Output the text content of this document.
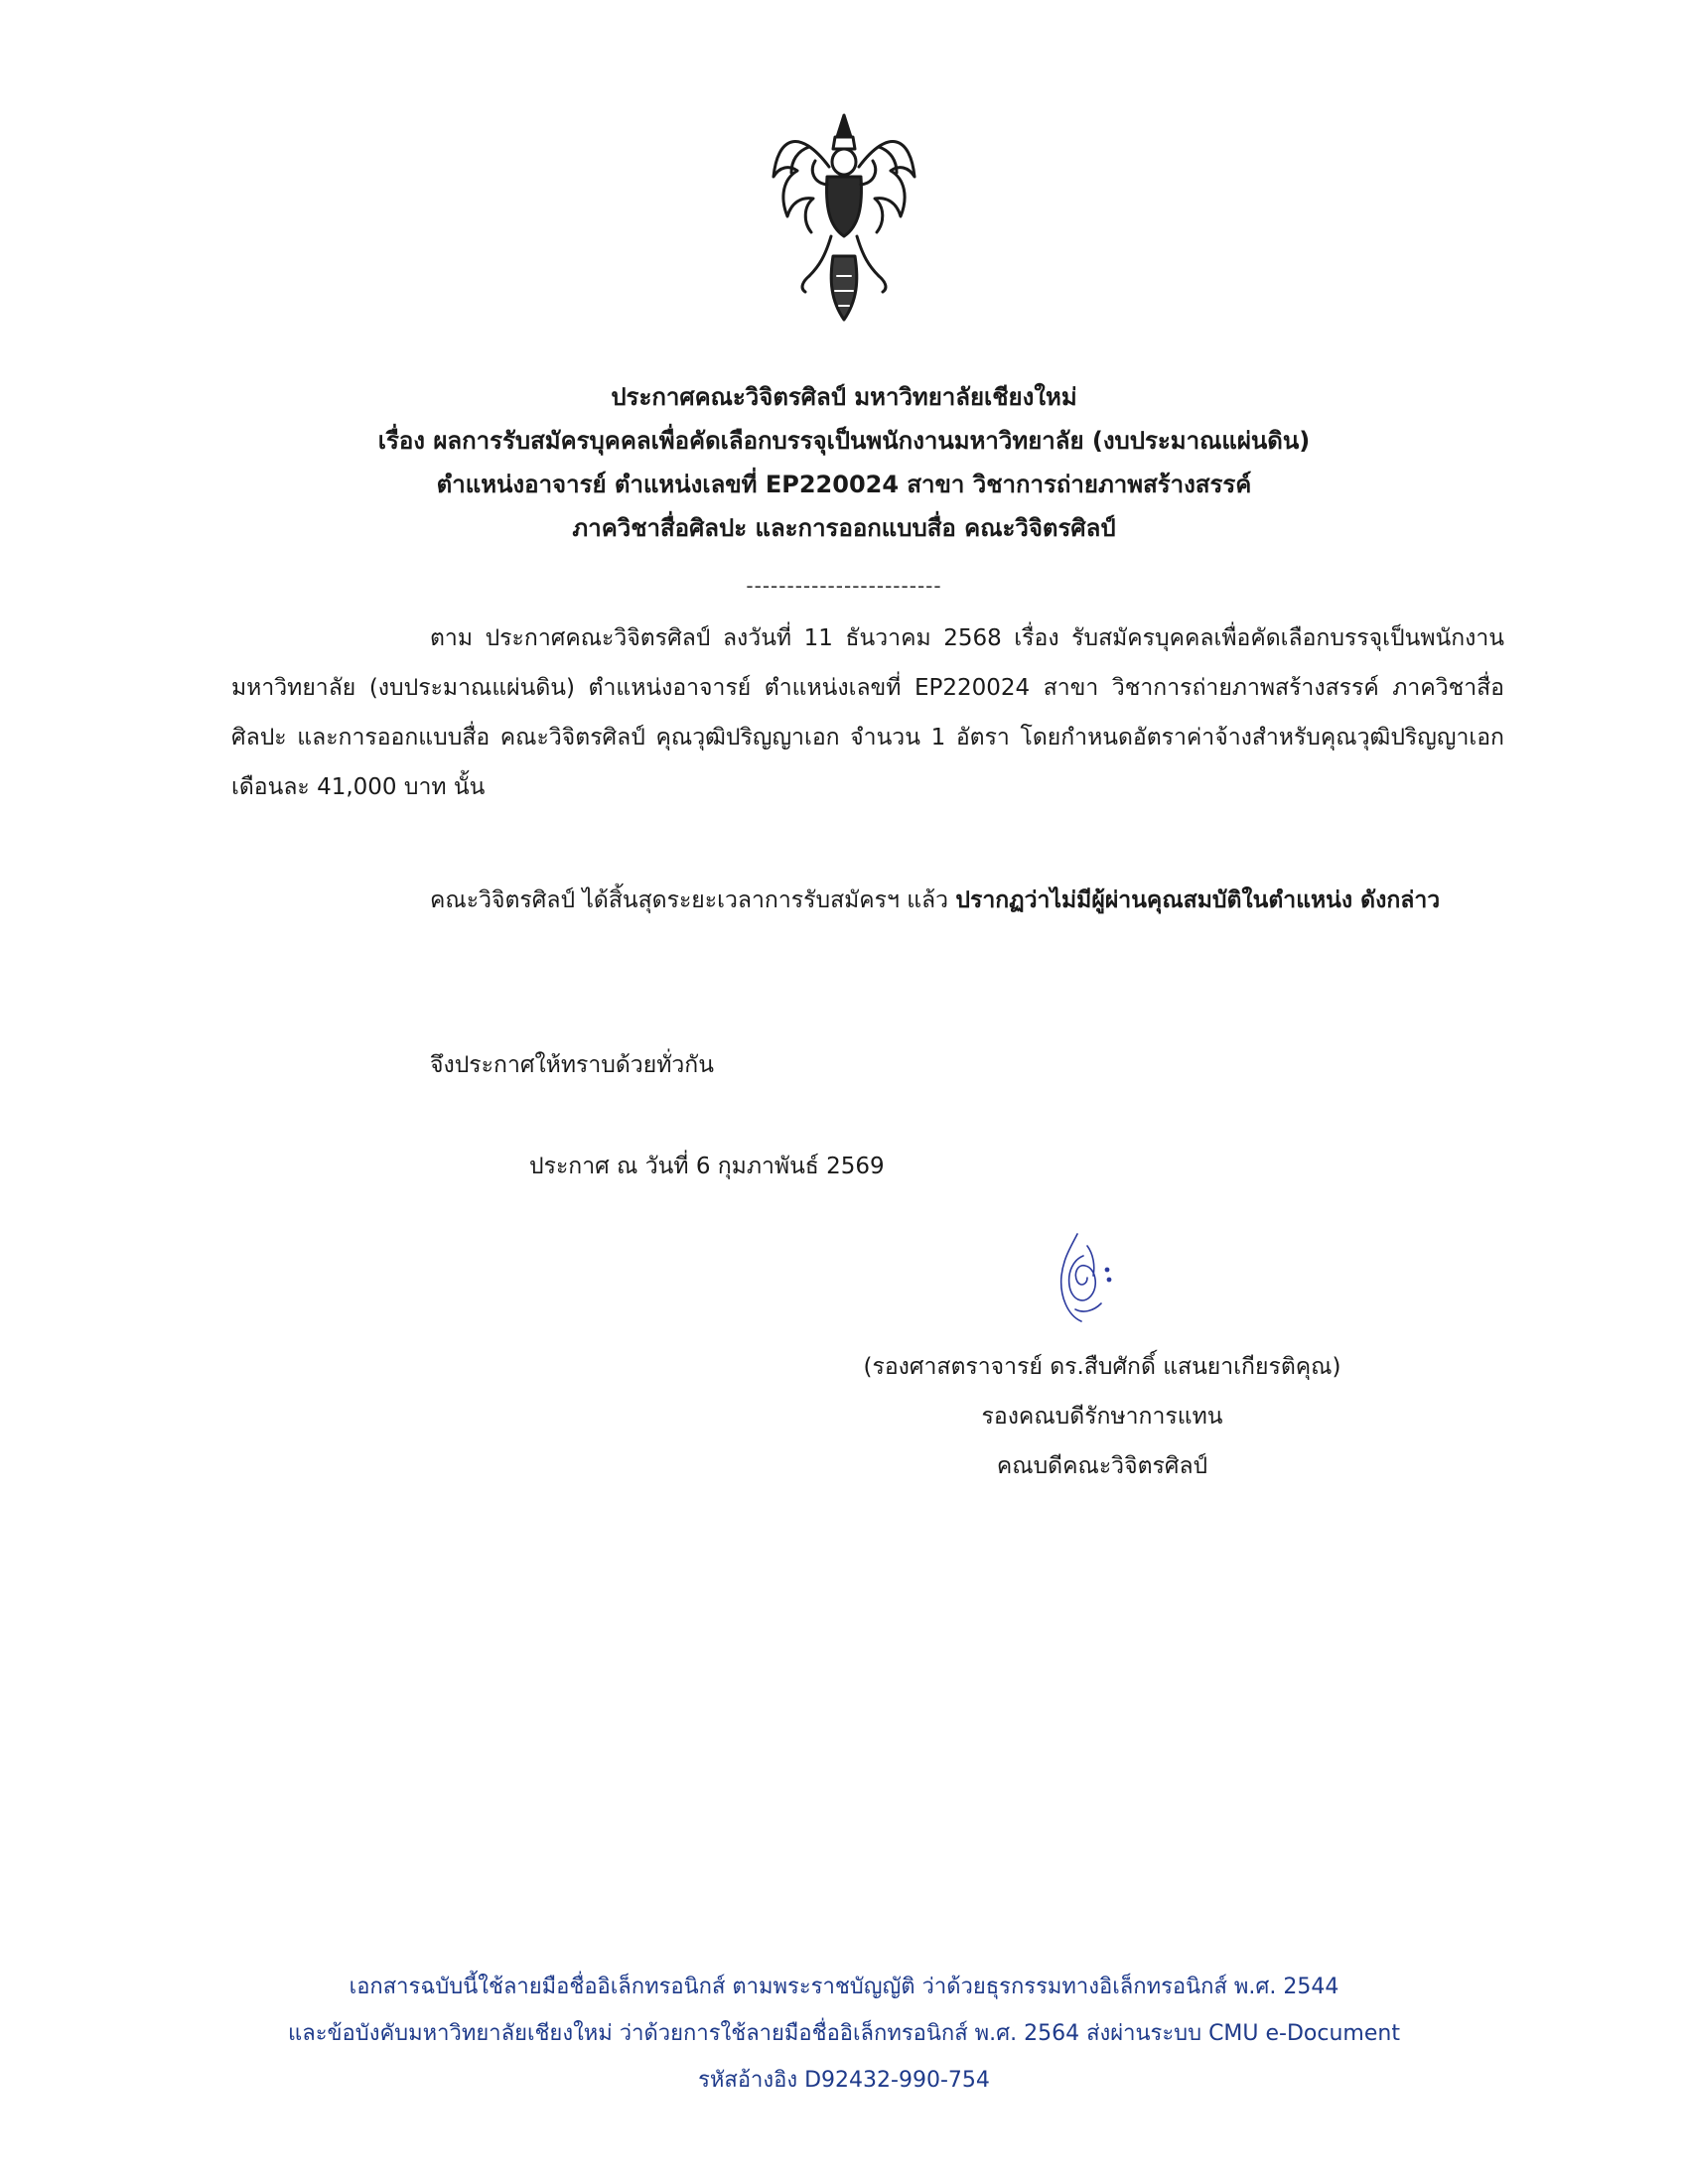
ประกาศคณะวิจิตรศิลป์ มหาวิทยาลัยเชียงใหม่
เรื่อง ผลการรับสมัครบุคคลเพื่อคัดเลือกบรรจุเป็นพนักงานมหาวิทยาลัย (งบประมาณแผ่นดิน)
ตำแหน่งอาจารย์ ตำแหน่งเลขที่ EP220024 สาขา วิชาการถ่ายภาพสร้างสรรค์
ภาควิชาสื่อศิลปะ และการออกแบบสื่อ คณะวิจิตรศิลป์
------------------------

ตาม ประกาศคณะวิจิตรศิลป์ ลงวันที่ 11 ธันวาคม 2568 เรื่อง รับสมัครบุคคลเพื่อคัดเลือกบรรจุเป็นพนักงานมหาวิทยาลัย (งบประมาณแผ่นดิน) ตำแหน่งอาจารย์ ตำแหน่งเลขที่ EP220024 สาขา วิชาการถ่ายภาพสร้างสรรค์ ภาควิชาสื่อศิลปะ และการออกแบบสื่อ คณะวิจิตรศิลป์ คุณวุฒิปริญญาเอก จำนวน 1 อัตรา โดยกำหนดอัตราค่าจ้างสำหรับคุณวุฒิปริญญาเอก เดือนละ 41,000 บาท นั้น

คณะวิจิตรศิลป์ ได้สิ้นสุดระยะเวลาการรับสมัครฯ แล้ว ปรากฏว่าไม่มีผู้ผ่านคุณสมบัติในตำแหน่ง ดังกล่าว

จึงประกาศให้ทราบด้วยทั่วกัน

ประกาศ ณ วันที่ 6 กุมภาพันธ์ 2569
(รองศาสตราจารย์ ดร.สืบศักดิ์ แสนยาเกียรติคุณ)
รองคณบดีรักษาการแทน
คณบดีคณะวิจิตรศิลป์
เอกสารฉบับนี้ใช้ลายมือชื่ออิเล็กทรอนิกส์ ตามพระราชบัญญัติ ว่าด้วยธุรกรรมทางอิเล็กทรอนิกส์ พ.ศ. 2544
และข้อบังคับมหาวิทยาลัยเชียงใหม่ ว่าด้วยการใช้ลายมือชื่ออิเล็กทรอนิกส์ พ.ศ. 2564 ส่งผ่านระบบ CMU e-Document
รหัสอ้างอิง D92432-990-754
